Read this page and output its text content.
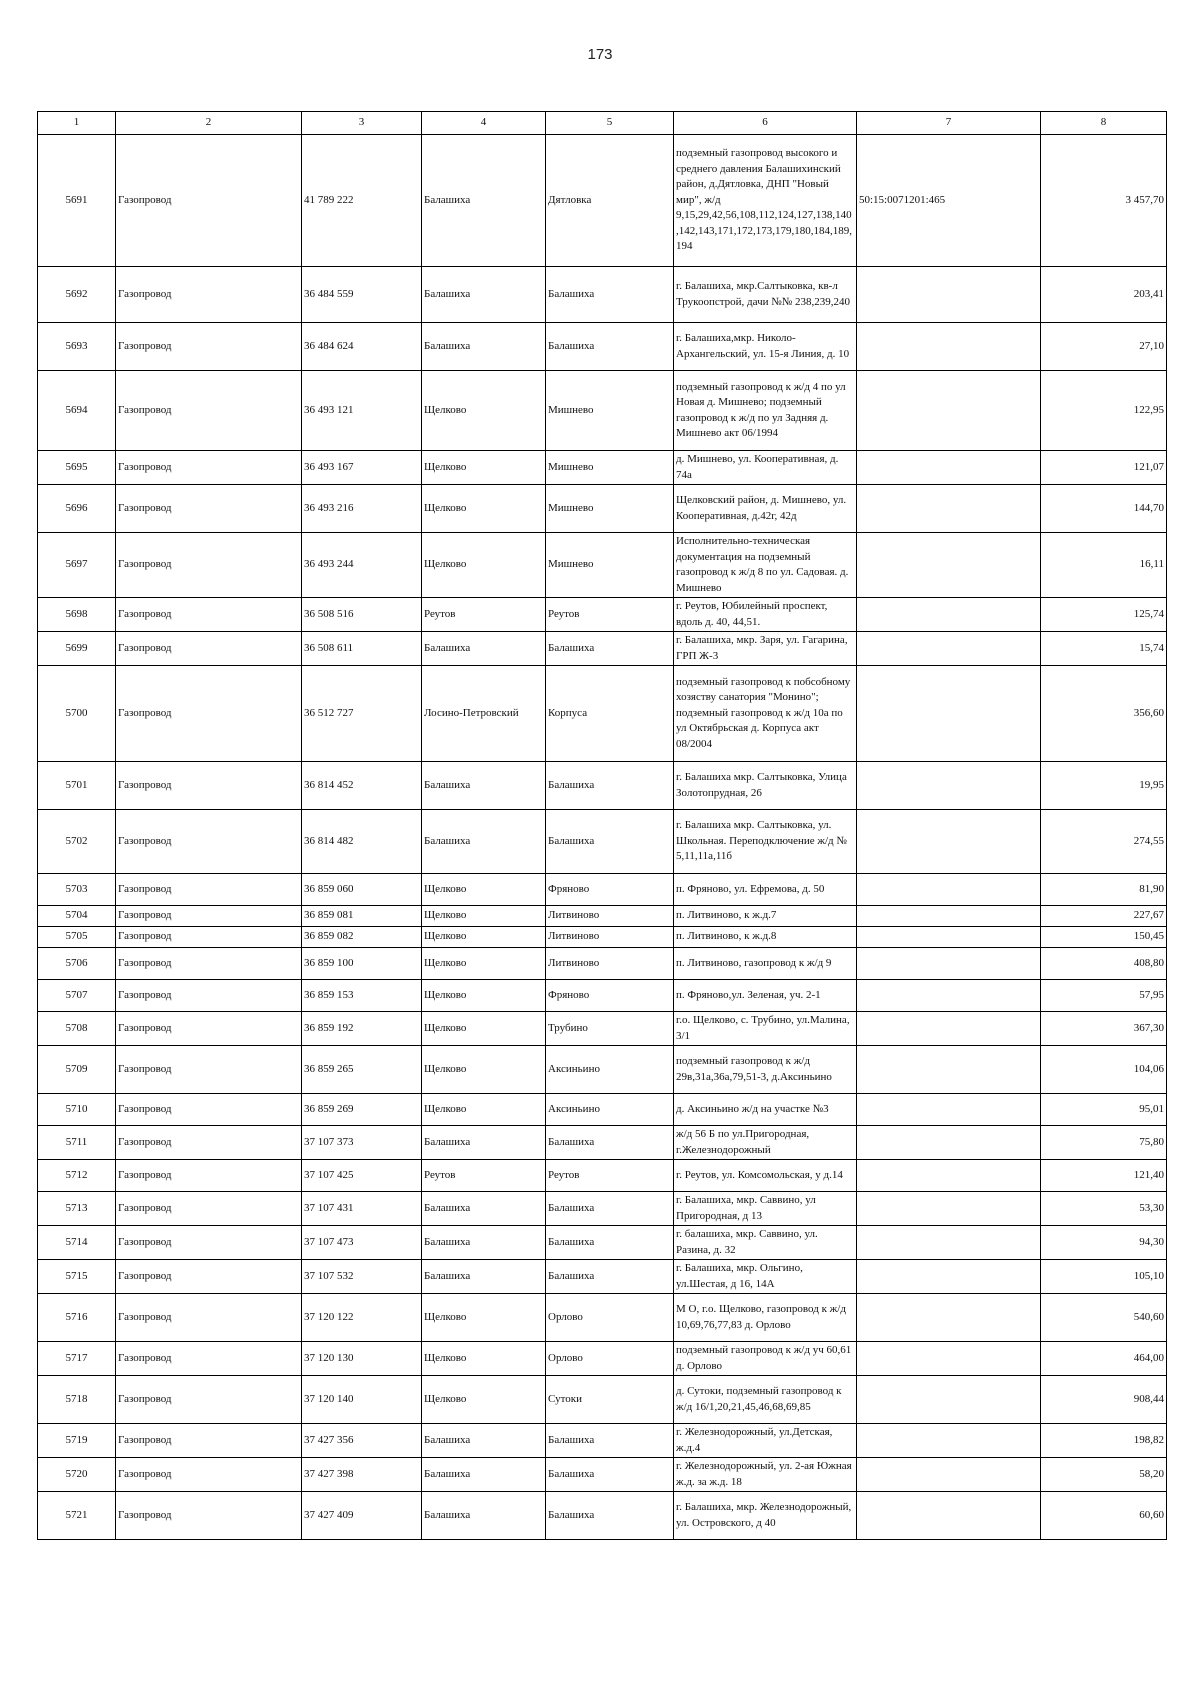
173
1	2	3	4	5	6	7	8
5691	Газопровод	41 789 222	Балашиха	Дятловка	подземный газопровод высокого и среднего давления Балашихинский район, д.Дятловка, ДНП "Новый мир", ж/д 9,15,29,42,56,108,112,124,127,138,140,142,143,171,172,173,179,180,184,189,194	50:15:0071201:465	3 457,70
5692	Газопровод	36 484 559	Балашиха	Балашиха	г. Балашиха, мкр.Салтыковка, кв-л Трукоопстрой, дачи №№ 238,239,240		203,41
5693	Газопровод	36 484 624	Балашиха	Балашиха	г. Балашиха,мкр. Николо-Архангельский, ул. 15-я Линия, д. 10		27,10
5694	Газопровод	36 493 121	Щелково	Мишнево	подземный газопровод к ж/д 4 по ул Новая д. Мишнево; подземный газопровод к ж/д по ул Задняя д. Мишнево акт 06/1994		122,95
5695	Газопровод	36 493 167	Щелково	Мишнево	д. Мишнево, ул. Кооперативная, д. 74а		121,07
5696	Газопровод	36 493 216	Щелково	Мишнево	Щелковский район, д. Мишнево, ул. Кооперативная, д.42г, 42д		144,70
5697	Газопровод	36 493 244	Щелково	Мишнево	Исполнительно-техническая документация на подземный газопровод к ж/д 8 по ул. Садовая. д. Мишнево		16,11
5698	Газопровод	36 508 516	Реутов	Реутов	г. Реутов, Юбилейный проспект, вдоль д. 40, 44,51.		125,74
5699	Газопровод	36 508 611	Балашиха	Балашиха	г. Балашиха, мкр. Заря, ул. Гагарина, ГРП Ж-3		15,74
5700	Газопровод	36 512 727	Лосино-Петровский	Корпуса	подземный газопровод к побсобному хозяству санатория "Монино"; подземный газопровод к ж/д 10а по ул Октябрьская д. Корпуса акт 08/2004		356,60
5701	Газопровод	36 814 452	Балашиха	Балашиха	г. Балашиха мкр. Салтыковка, Улица Золотопрудная, 26		19,95
5702	Газопровод	36 814 482	Балашиха	Балашиха	г. Балашиха мкр. Салтыковка, ул. Школьная. Переподключение ж/д № 5,11,11а,11б		274,55
5703	Газопровод	36 859 060	Щелково	Фряново	п. Фряново, ул. Ефремова, д. 50		81,90
5704	Газопровод	36 859 081	Щелково	Литвиново	п. Литвиново, к ж.д.7		227,67
5705	Газопровод	36 859 082	Щелково	Литвиново	п. Литвиново, к ж.д.8		150,45
5706	Газопровод	36 859 100	Щелково	Литвиново	п. Литвиново, газопровод к ж/д 9		408,80
5707	Газопровод	36 859 153	Щелково	Фряново	п. Фряново,ул. Зеленая, уч. 2-1		57,95
5708	Газопровод	36 859 192	Щелково	Трубино	г.о. Щелково, с. Трубино, ул.Малина, 3/1		367,30
5709	Газопровод	36 859 265	Щелково	Аксиньино	подземный газопровод к ж/д 29в,31а,36а,79,51-3, д.Аксиньино		104,06
5710	Газопровод	36 859 269	Щелково	Аксиньино	д. Аксиньино ж/д на участке №3		95,01
5711	Газопровод	37 107 373	Балашиха	Балашиха	ж/д 56 Б по ул.Пригородная, г.Железнодорожный		75,80
5712	Газопровод	37 107 425	Реутов	Реутов	г. Реутов, ул. Комсомольская, у д.14		121,40
5713	Газопровод	37 107 431	Балашиха	Балашиха	г. Балашиха, мкр. Саввино, ул Пригородная, д 13		53,30
5714	Газопровод	37 107 473	Балашиха	Балашиха	г. балашиха, мкр. Саввино, ул. Разина, д. 32		94,30
5715	Газопровод	37 107 532	Балашиха	Балашиха	г. Балашиха, мкр. Ольгино, ул.Шестая, д 16, 14А		105,10
5716	Газопровод	37 120 122	Щелково	Орлово	М О, г.о. Щелково, газопровод к ж/д 10,69,76,77,83 д. Орлово		540,60
5717	Газопровод	37 120 130	Щелково	Орлово	подземный газопровод к ж/д уч 60,61 д. Орлово		464,00
5718	Газопровод	37 120 140	Щелково	Сутоки	д. Сутоки, подземный газопровод к ж/д 16/1,20,21,45,46,68,69,85		908,44
5719	Газопровод	37 427 356	Балашиха	Балашиха	г. Железнодорожный, ул.Детская, ж.д.4		198,82
5720	Газопровод	37 427 398	Балашиха	Балашиха	г. Железнодорожный, ул. 2-ая Южная ж.д. за ж.д. 18		58,20
5721	Газопровод	37 427 409	Балашиха	Балашиха	г. Балашиха, мкр. Железнодорожный, ул. Островского, д 40		60,60
